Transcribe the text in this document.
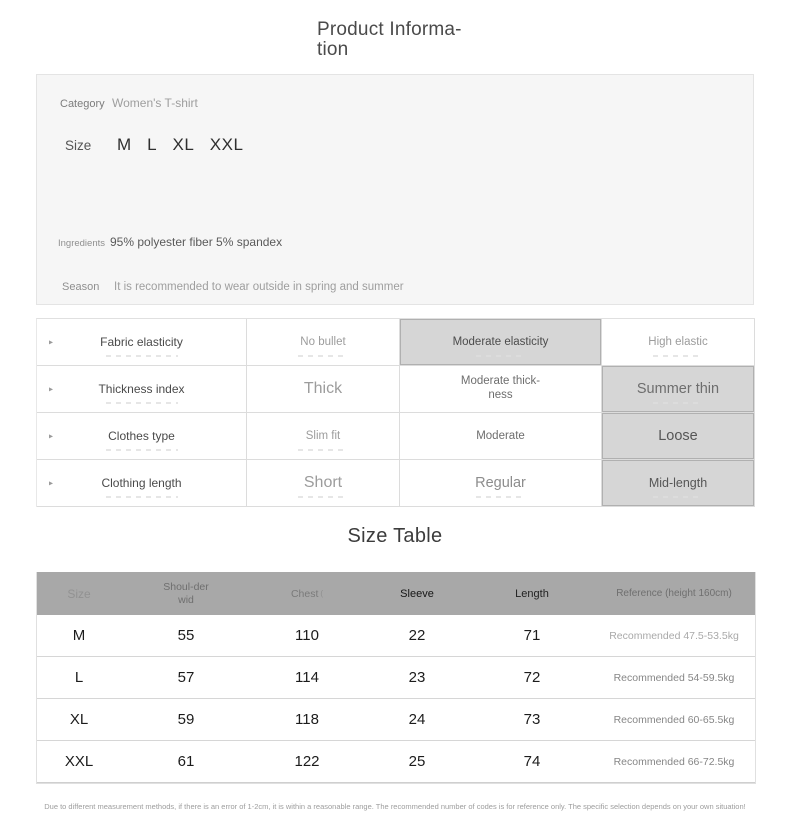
Product Informa-
tion
Category Women's T-shirt
Size	M L XL XXL
Ingredients 95% polyester fiber 5% spandex
Season	It is recommended to wear outside in spring and summer
▸	Fabric elasticity	No bullet	Moderate elasticity	High elastic
▸	Thickness index	Thick	Moderate thick-ness	Summer thin
▸	Clothes type	Slim fit	Moderate	Loose
▸	Clothing length	Short	Regular	Mid-length
Size Table
Size	Shoul-der wid	Chest (	Sleeve	Length	Reference (height 160cm)
M	55	110	22	71	Recommended 47.5-53.5kg
L	57	114	23	72	Recommended 54-59.5kg
XL	59	118	24	73	Recommended 60-65.5kg
XXL	61	122	25	74	Recommended 66-72.5kg
Due to different measurement methods, if there is an error of 1-2cm, it is within a reasonable range. The recommended number of codes is for reference only. The specific selection depends on your own situation!
